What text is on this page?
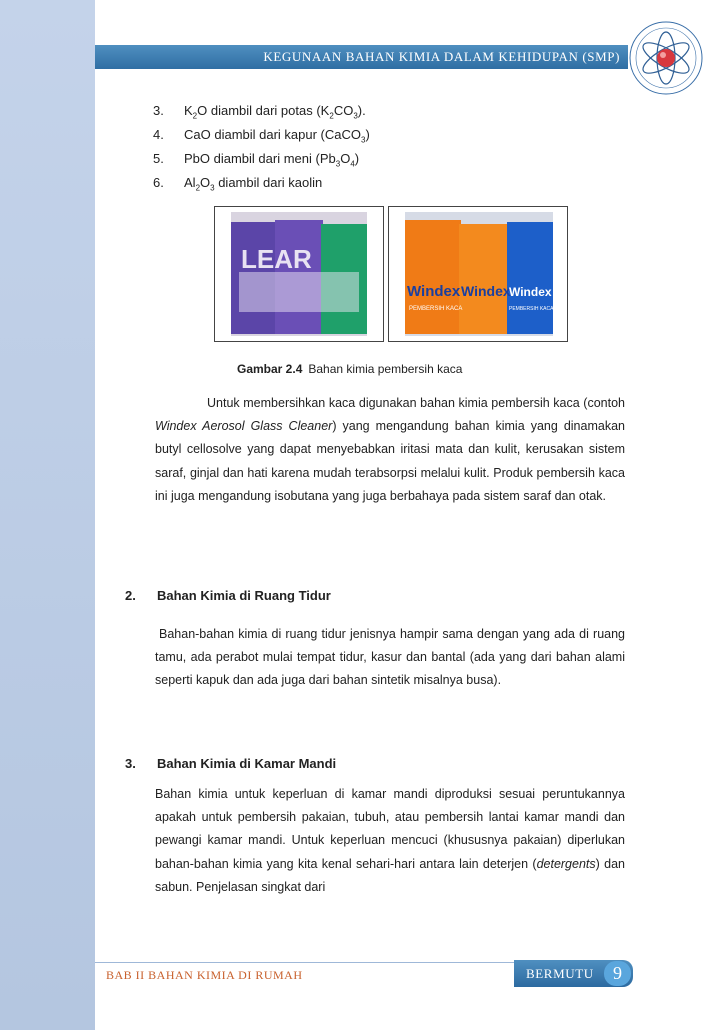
KEGUNAAN BAHAN KIMIA DALAM KEHIDUPAN (SMP)
3.	$K_2O$ diambil dari potas $(K_2CO_3)$.
4.	CaO diambil dari kapur (CaCO$_3$)
5.	PbO diambil dari meni $(Pb_3O_4)$
6.	$Al_2O_3$ diambil dari kaolin
LEAR
Windex Windex
Windex
PEMBERSIH KACA	PEMBERSIH KACA
Gambar 2.4 Bahan kimia pembersih kaca

Untuk membersihkan kaca digunakan bahan kimia pembersih kaca (contoh Windex Aerosol Glass Cleaner) yang mengandung bahan kimia yang dinamakan butyl cellosolve yang dapat menyebabkan iritasi mata dan kulit, kerusakan sistem saraf, ginjal dan hati karena mudah terabsorpsi melalui kulit. Produk pembersih kaca ini juga mengandung isobutana yang juga berbahaya pada sistem saraf dan otak.

2. Bahan Kimia di Ruang Tidur

Bahan-bahan kimia di ruang tidur jenisnya hampir sama dengan yang ada di ruang tamu, ada perabot mulai tempat tidur, kasur dan bantal (ada yang dari bahan alami seperti kapuk dan ada juga dari bahan sintetik misalnya busa).

3. Bahan Kimia di Kamar Mandi

Bahan kimia untuk keperluan di kamar mandi diproduksi sesuai peruntukannya apakah untuk pembersih pakaian, tubuh, atau pembersih lantai kamar mandi dan pewangi kamar mandi. Untuk keperluan mencuci (khususnya pakaian) diperlukan bahan-bahan kimia yang kita kenal sehari-hari antara lain deterjen (detergents) dan sabun. Penjelasan singkat dari

BAB II BAHAN KIMIA DI RUMAH	BERMUTU	9
